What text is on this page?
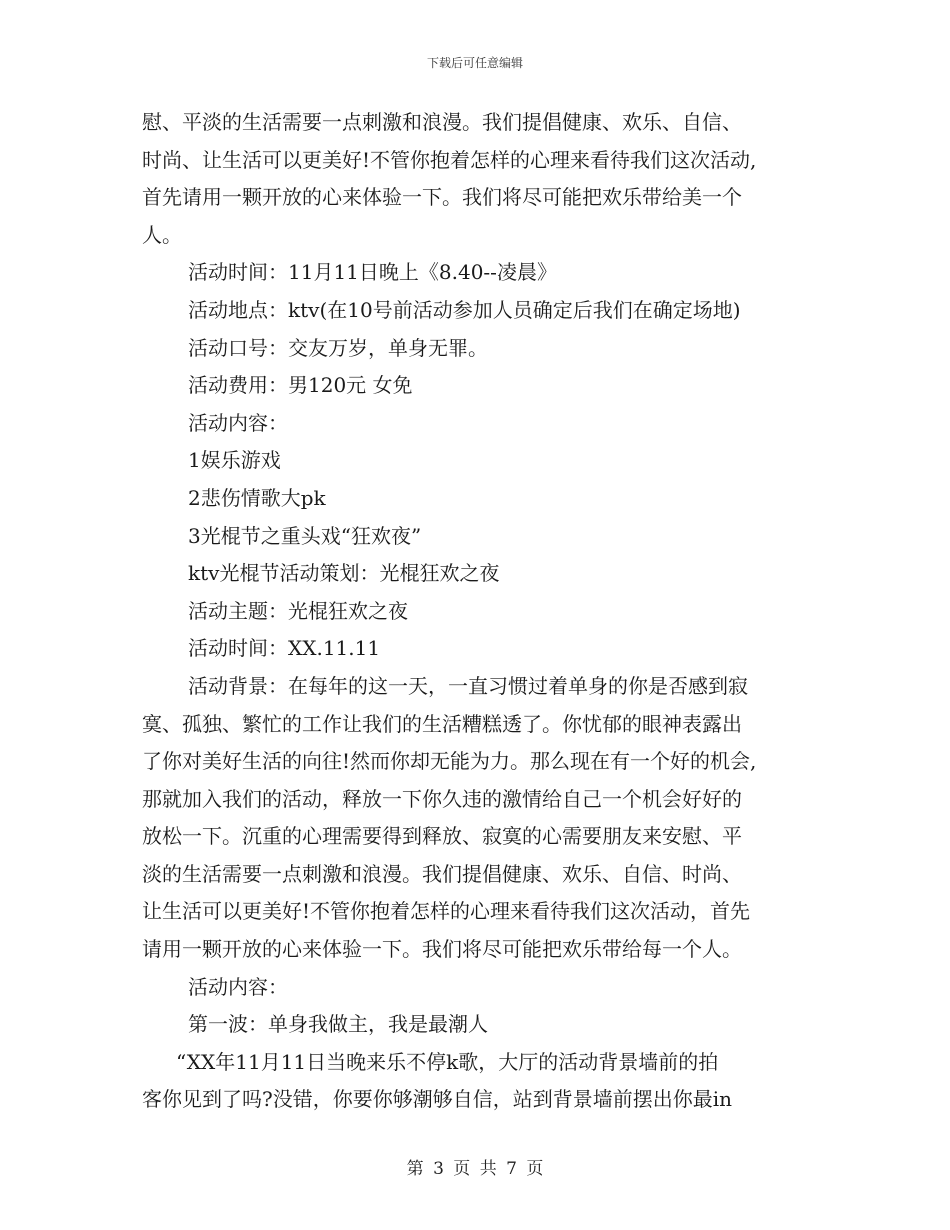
下载后可任意编辑
慰、平淡的生活需要一点刺激和浪漫。我们提倡健康、欢乐、自信、
时尚、让生活可以更美好!不管你抱着怎样的心理来看待我们这次活动,
首先请用一颗开放的心来体验一下。我们将尽可能把欢乐带给美一个
人。
活动时间：11月11日晚上《8.40--凌晨》
活动地点：ktv(在10号前活动参加人员确定后我们在确定场地)
活动口号：交友万岁，单身无罪。
活动费用：男120元 女免
活动内容：
1娱乐游戏
2悲伤情歌大pk
3光棍节之重头戏“狂欢夜”
ktv光棍节活动策划：光棍狂欢之夜
活动主题：光棍狂欢之夜
活动时间：XX.11.11
活动背景：在每年的这一天，一直习惯过着单身的你是否感到寂
寞、孤独、繁忙的工作让我们的生活糟糕透了。你忧郁的眼神表露出
了你对美好生活的向往!然而你却无能为力。那么现在有一个好的机会,
那就加入我们的活动，释放一下你久违的激情给自己一个机会好好的
放松一下。沉重的心理需要得到释放、寂寞的心需要朋友来安慰、平
淡的生活需要一点刺激和浪漫。我们提倡健康、欢乐、自信、时尚、
让生活可以更美好!不管你抱着怎样的心理来看待我们这次活动，首先
请用一颗开放的心来体验一下。我们将尽可能把欢乐带给每一个人。
活动内容：
第一波：单身我做主，我是最潮人
“XX年11月11日当晚来乐不停k歌，大厅的活动背景墙前的拍
客你见到了吗?没错，你要你够潮够自信，站到背景墙前摆出你最in
第 3 页 共 7 页
